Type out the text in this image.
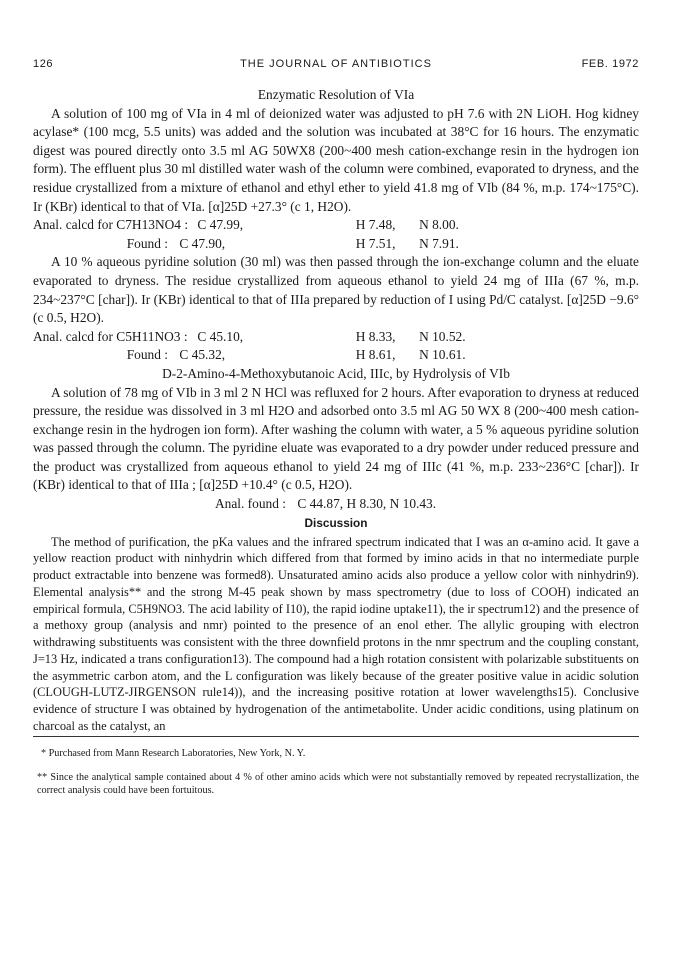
126	THE JOURNAL OF ANTIBIOTICS	FEB. 1972

Enzymatic Resolution of VIa

A solution of 100 mg of VIa in 4 ml of deionized water was adjusted to pH 7.6 with 2N LiOH. Hog kidney acylase* (100 mcg, 5.5 units) was added and the solution was incubated at 38°C for 16 hours. The enzymatic digest was poured directly onto 3.5 ml AG 50WX8 (200~400 mesh cation-exchange resin in the hydrogen ion form). The effluent plus 30 ml distilled water wash of the column were combined, evaporated to dryness, and the residue crystallized from a mixture of ethanol and ethyl ether to yield 41.8 mg of VIb (84 %, m.p. 174~175°C). Ir (KBr) identical to that of VIa. [α]25D +27.3° (c 1, H2O).

Anal. calcd for C7H13NO4 : C 47.99,	H 7.48, N 8.00.
Found : C 47.90,	H 7.51, N 7.91.

A 10 % aqueous pyridine solution (30 ml) was then passed through the ion-exchange column and the eluate evaporated to dryness. The residue crystallized from aqueous ethanol to yield 24 mg of IIIa (67 %, m.p. 234~237°C [char]). Ir (KBr) identical to that of IIIa prepared by reduction of I using Pd/C catalyst. [α]25D −9.6° (c 0.5, H2O).

Anal. calcd for C5H11NO3 : C 45.10,	H 8.33, N 10.52.
Found : C 45.32,	H 8.61, N 10.61.

D-2-Amino-4-Methoxybutanoic Acid, IIIc, by Hydrolysis of VIb

A solution of 78 mg of VIb in 3 ml 2 N HCl was refluxed for 2 hours. After evaporation to dryness at reduced pressure, the residue was dissolved in 3 ml H2O and adsorbed onto 3.5 ml AG 50 WX 8 (200~400 mesh cation-exchange resin in the hydrogen ion form). After washing the column with water, a 5 % aqueous pyridine solution was passed through the column. The pyridine eluate was evaporated to a dry powder under reduced pressure and the product was crystallized from aqueous ethanol to yield 24 mg of IIIc (41 %, m.p. 233~236°C [char]). Ir (KBr) identical to that of IIIa ; [α]25D +10.4° (c 0.5, H2O).

Anal. found : C 44.87, H 8.30, N 10.43.
Discussion

The method of purification, the pKa values and the infrared spectrum indicated that I was an α-amino acid. It gave a yellow reaction product with ninhydrin which differed from that formed by imino acids in that no intermediate purple product extractable into benzene was formed8). Unsaturated amino acids also produce a yellow color with ninhydrin9). Elemental analysis** and the strong M-45 peak shown by mass spectrometry (due to loss of COOH) indicated an empirical formula, C5H9NO3. The acid lability of I10), the rapid iodine uptake11), the ir spectrum12) and the presence of a methoxy group (analysis and nmr) pointed to the presence of an enol ether. The allylic grouping with electron withdrawing substituents was consistent with the three downfield protons in the nmr spectrum and the coupling constant, J=13 Hz, indicated a trans configuration13). The compound had a high rotation consistent with polarizable substituents on the asymmetric carbon atom, and the L configuration was likely because of the greater positive value in acidic solution (CLOUGH-LUTZ-JIRGENSON rule14)), and the increasing positive rotation at lower wavelengths15). Conclusive evidence of structure I was obtained by hydrogenation of the antimetabolite. Under acidic conditions, using platinum on charcoal as the catalyst, an

* Purchased from Mann Research Laboratories, New York, N. Y.

** Since the analytical sample contained about 4 % of other amino acids which were not substantially removed by repeated recrystallization, the correct analysis could have been fortuitous.
